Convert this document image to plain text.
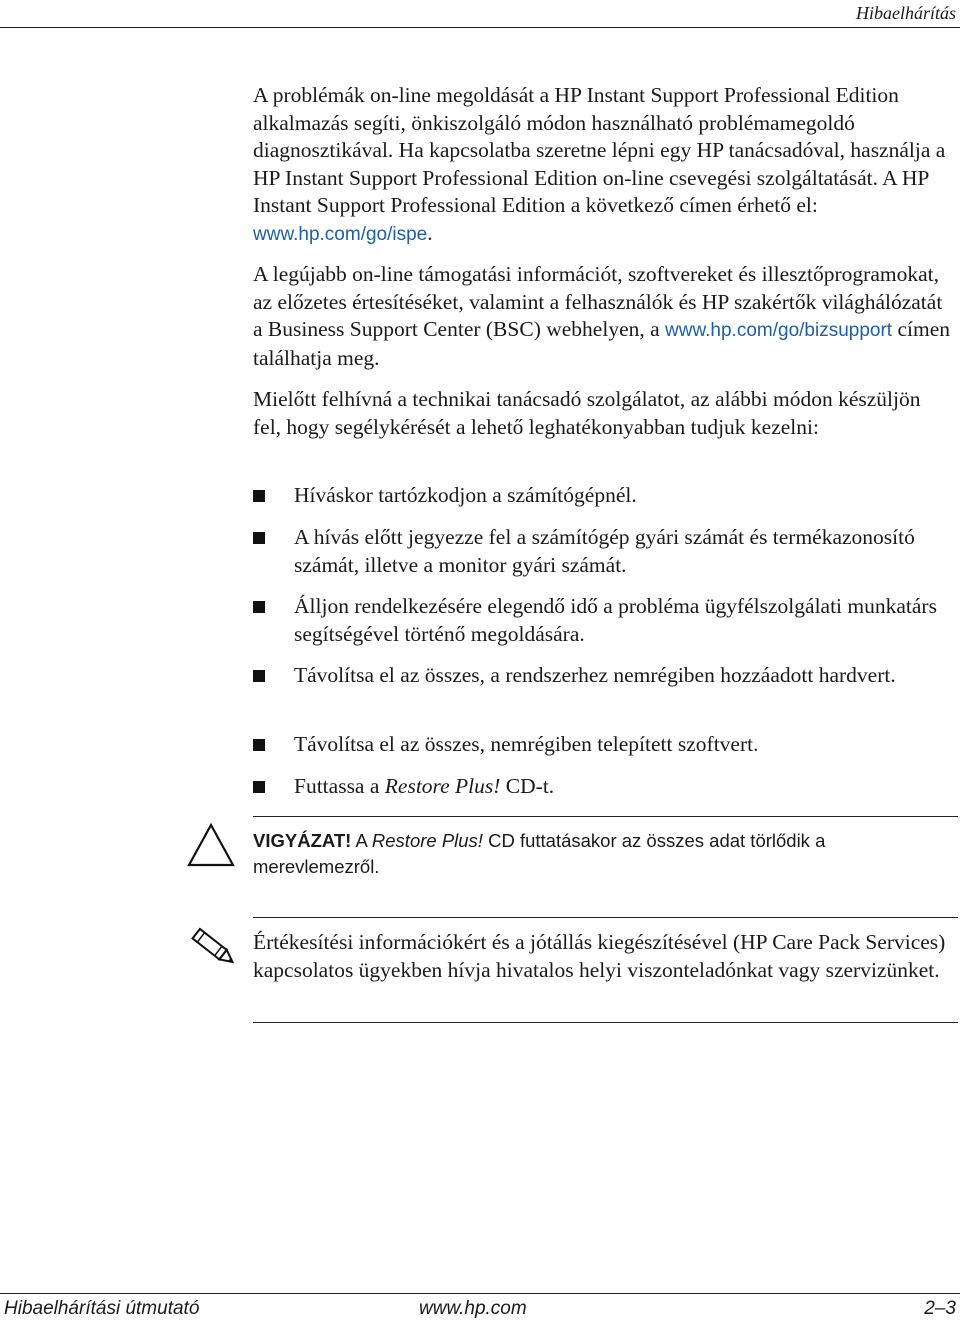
Hibaelhárítás

A problémák on-line megoldását a HP Instant Support Professional Edition alkalmazás segíti, önkiszolgáló módon használható problémamegoldó diagnosztikával. Ha kapcsolatba szeretne lépni egy HP tanácsadóval, használja a HP Instant Support Professional Edition on-line csevegési szolgáltatását. A HP Instant Support Professional Edition a következő címen érhető el: www.hp.com/go/ispe.

A legújabb on-line támogatási információt, szoftvereket és illesztőprogramokat, az előzetes értesítéséket, valamint a felhasználók és HP szakértők világhálózatát a Business Support Center (BSC) webhelyen, a www.hp.com/go/bizsupport címen találhatja meg.

Mielőtt felhívná a technikai tanácsadó szolgálatot, az alábbi módon készüljön fel, hogy segélykérését a lehető leghatékonyabban tudjuk kezelni:

Híváskor tartózkodjon a számítógépnél.
A hívás előtt jegyezze fel a számítógép gyári számát és termékazonosító számát, illetve a monitor gyári számát.
Álljon rendelkezésére elegendő idő a probléma ügyfélszolgálati munkatárs segítségével történő megoldására.
Távolítsa el az összes, a rendszerhez nemrégiben hozzáadott hardvert.
Távolítsa el az összes, nemrégiben telepített szoftvert.
Futtassa a Restore Plus! CD-t.
VIGYÁZAT! A Restore Plus! CD futtatásakor az összes adat törlődik a merevlemezről.

Értékesítési információkért és a jótállás kiegészítésével (HP Care Pack Services) kapcsolatos ügyekben hívja hivatalos helyi viszonteladónkat vagy szervizünket.

Hibaelhárítási útmutató	www.hp.com	2–3
